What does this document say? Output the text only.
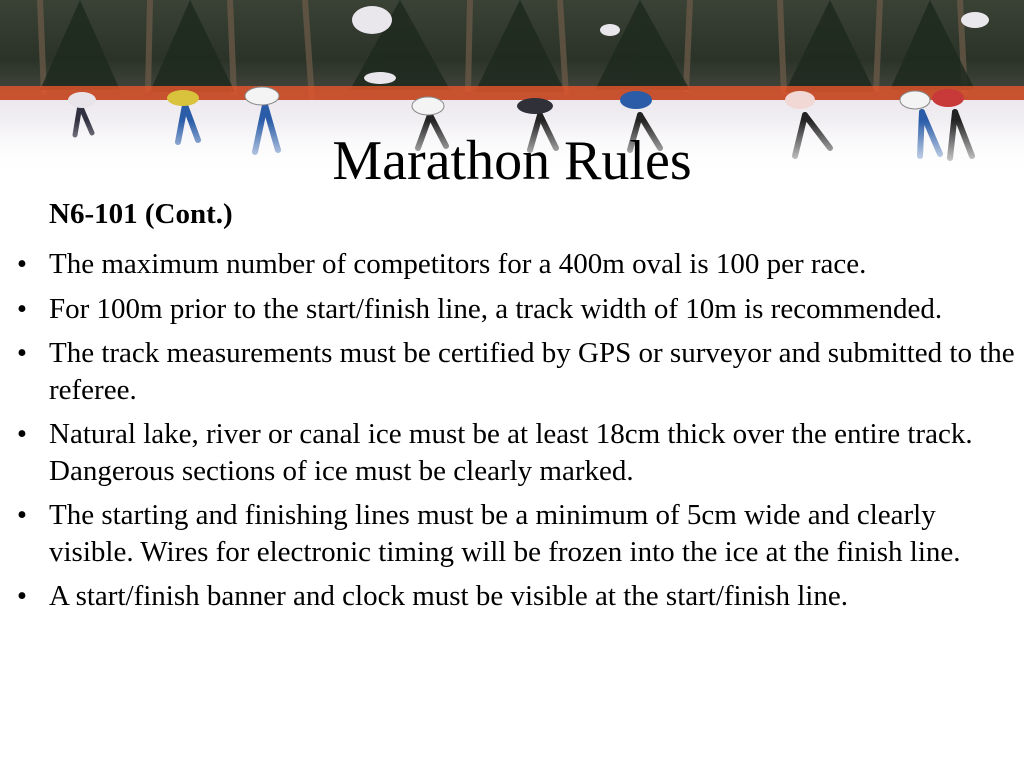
Marathon Rules
N6-101 (Cont.)
• The maximum number of competitors for a 400m oval is 100 per race.
• For 100m prior to the start/finish line, a track width of 10m is recommended.
• The track measurements must be certified by GPS or surveyor and submitted to the referee.
• Natural lake, river or canal ice must be at least 18cm thick over the entire track. Dangerous sections of ice must be clearly marked.
• The starting and finishing lines must be a minimum of 5cm wide and clearly visible. Wires for electronic timing will be frozen into the ice at the finish line.
• A start/finish banner and clock must be visible at the start/finish line.
